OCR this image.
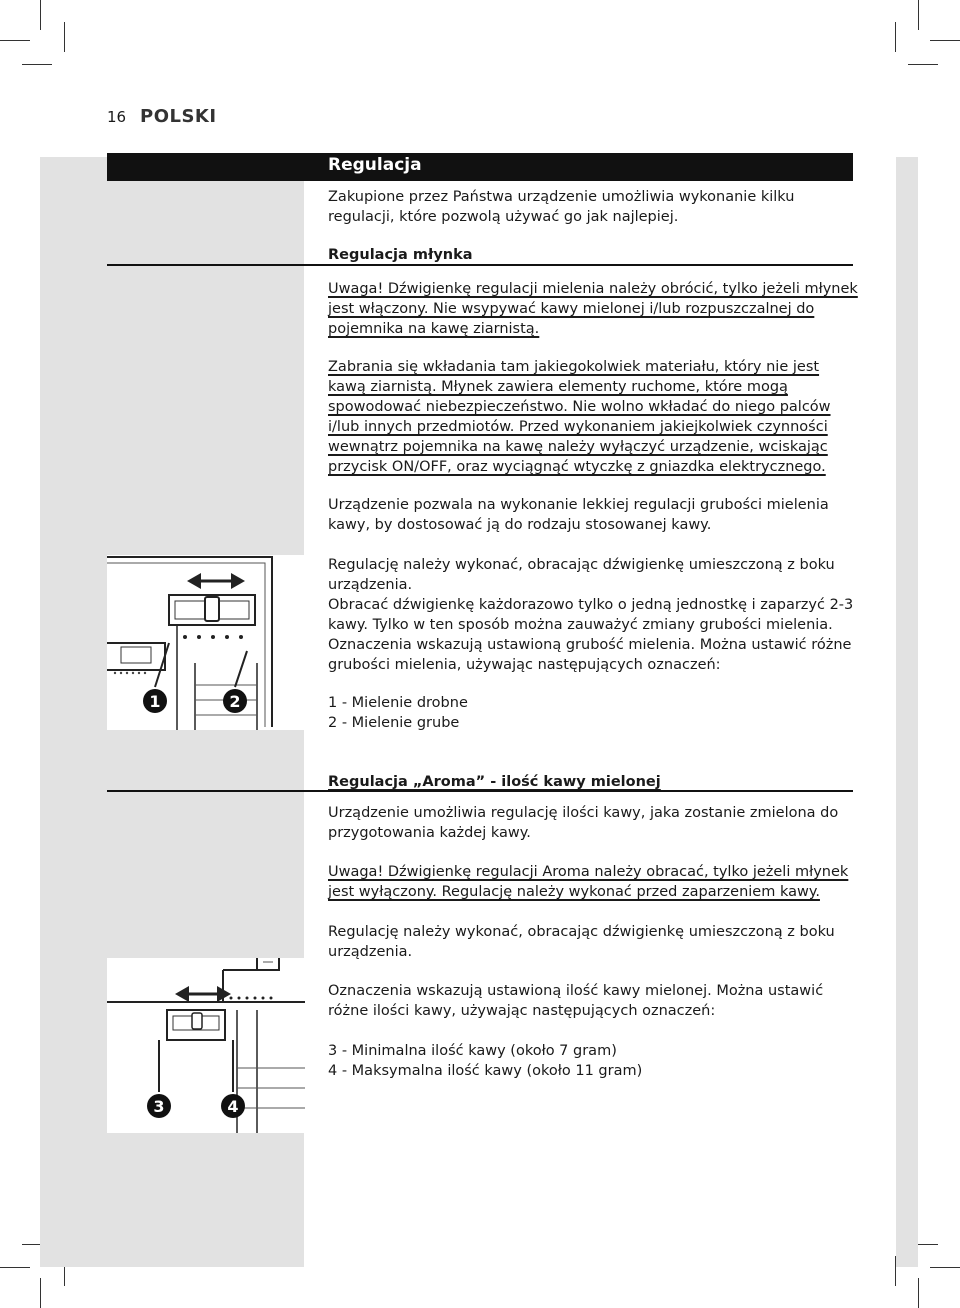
16 POLSKI
Regulacja

Zakupione przez Państwa urządzenie umożliwia wykonanie kilku regulacji, które pozwolą używać go jak najlepiej.

Regulacja młynka
Uwaga! Dźwigienkę regulacji mielenia należy obrócić, tylko jeżeli młynek jest włączony. Nie wsypywać kawy mielonej i/lub rozpuszczalnej do pojemnika na kawę ziarnistą.
Zabrania się wkładania tam jakiegokolwiek materiału, który nie jest kawą ziarnistą. Młynek zawiera elementy ruchome, które mogą spowodować niebezpieczeństwo. Nie wolno wkładać do niego palców i/lub innych przedmiotów. Przed wykonaniem jakiejkolwiek czynności wewnątrz pojemnika na kawę należy wyłączyć urządzenie, wciskając przycisk ON/OFF, oraz wyciągnąć wtyczkę z gniazdka elektrycznego.
Urządzenie pozwala na wykonanie lekkiej regulacji grubości mielenia kawy, by dostosować ją do rodzaju stosowanej kawy.

Regulację należy wykonać, obracając dźwigienkę umieszczoną z boku urządzenia.

Obracać dźwigienkę każdorazowo tylko o jedną jednostkę i zaparzyć 2-3 kawy. Tylko w ten sposób można zauważyć zmiany grubości mielenia.

Oznaczenia wskazują ustawioną grubość mielenia. Można ustawić różne grubości mielenia, używając następujących oznaczeń:

1 - Mielenie drobne

2 - Mielenie grube

1	2
Regulacja „Aroma” - ilość kawy mielonej
Urządzenie umożliwia regulację ilości kawy, jaka zostanie zmielona do przygotowania każdej kawy.
Uwaga! Dźwigienkę regulacji Aroma należy obracać, tylko jeżeli młynek jest wyłączony. Regulację należy wykonać przed zaparzeniem kawy.
Regulację należy wykonać, obracając dźwigienkę umieszczoną z boku urządzenia.
Oznaczenia wskazują ustawioną ilość kawy mielonej. Można ustawić różne ilości kawy, używając następujących oznaczeń:

3 - Minimalna ilość kawy (około 7 gram)

4 - Maksymalna ilość kawy (około 11 gram)

3	4
